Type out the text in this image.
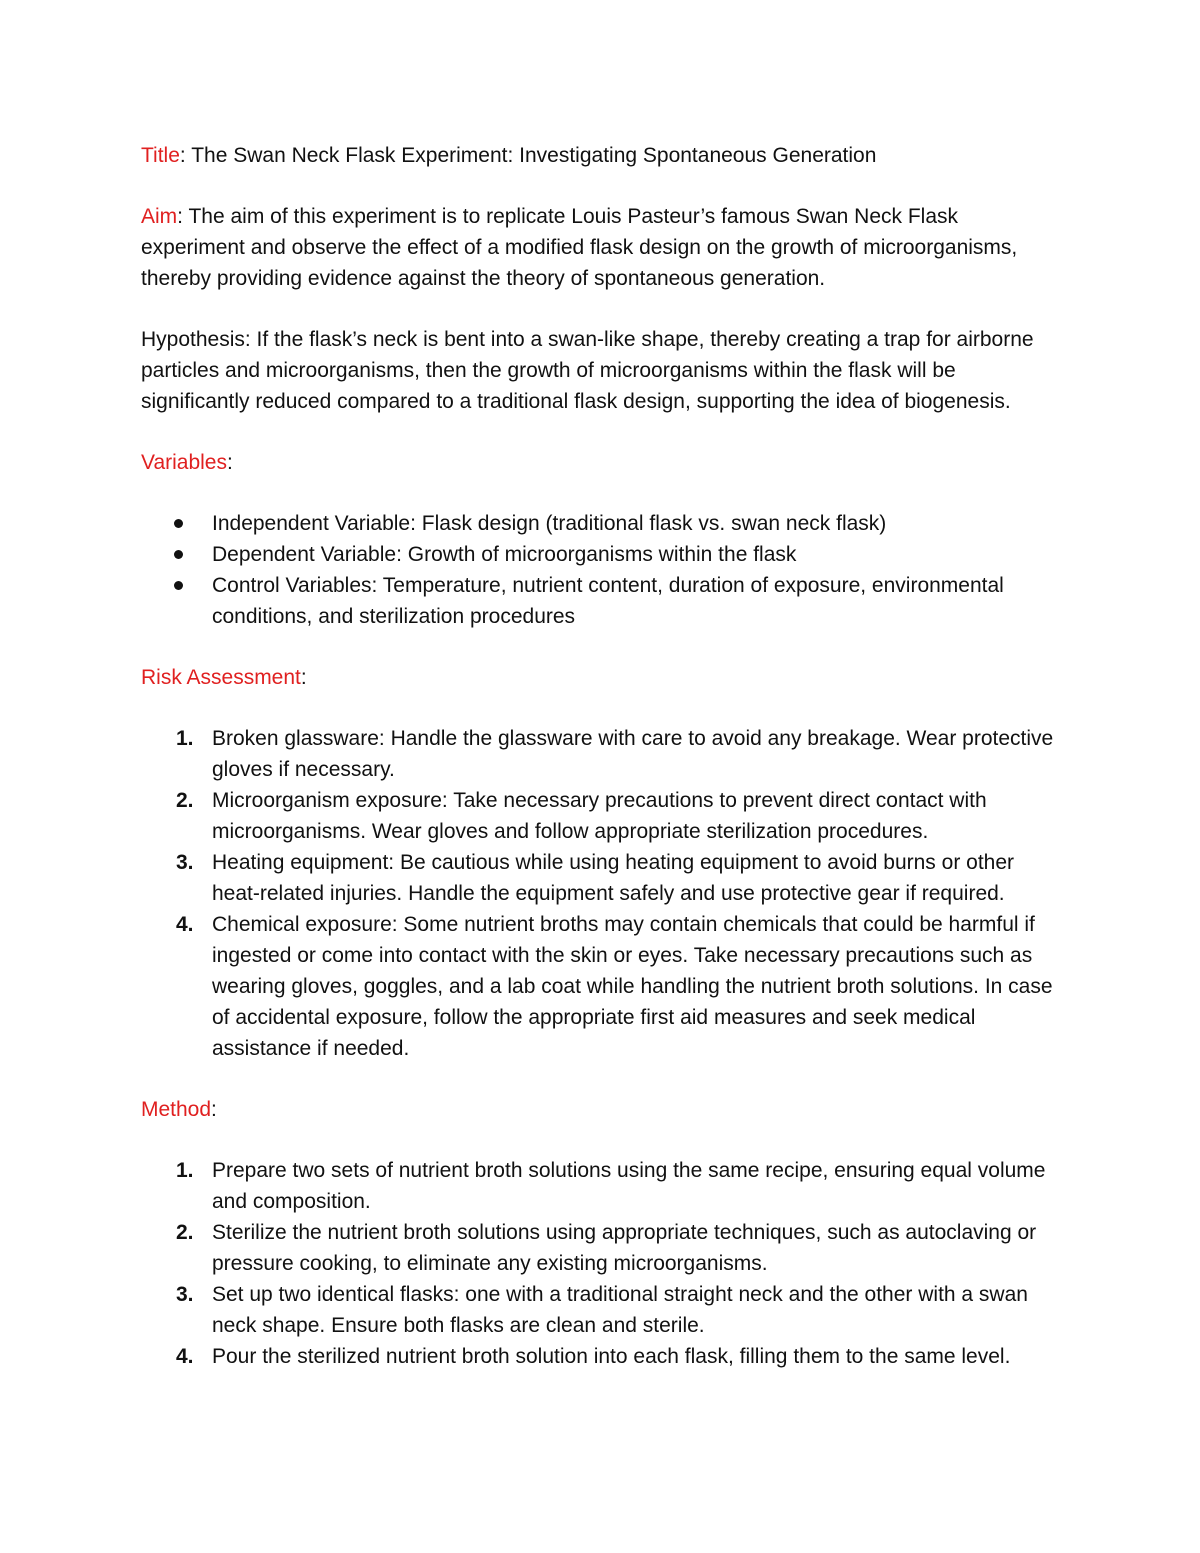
Title: The Swan Neck Flask Experiment: Investigating Spontaneous Generation

Aim: The aim of this experiment is to replicate Louis Pasteur’s famous Swan Neck Flask experiment and observe the effect of a modified flask design on the growth of microorganisms, thereby providing evidence against the theory of spontaneous generation.

Hypothesis: If the flask’s neck is bent into a swan-like shape, thereby creating a trap for airborne particles and microorganisms, then the growth of microorganisms within the flask will be significantly reduced compared to a traditional flask design, supporting the idea of biogenesis.

Variables:

Independent Variable: Flask design (traditional flask vs. swan neck flask)
Dependent Variable: Growth of microorganisms within the flask
Control Variables: Temperature, nutrient content, duration of exposure, environmental conditions, and sterilization procedures

Risk Assessment:

1. Broken glassware: Handle the glassware with care to avoid any breakage. Wear protective gloves if necessary.
2. Microorganism exposure: Take necessary precautions to prevent direct contact with microorganisms. Wear gloves and follow appropriate sterilization procedures.
3. Heating equipment: Be cautious while using heating equipment to avoid burns or other heat-related injuries. Handle the equipment safely and use protective gear if required.
4. Chemical exposure: Some nutrient broths may contain chemicals that could be harmful if ingested or come into contact with the skin or eyes. Take necessary precautions such as wearing gloves, goggles, and a lab coat while handling the nutrient broth solutions. In case of accidental exposure, follow the appropriate first aid measures and seek medical assistance if needed.

Method:

1. Prepare two sets of nutrient broth solutions using the same recipe, ensuring equal volume and composition.
2. Sterilize the nutrient broth solutions using appropriate techniques, such as autoclaving or pressure cooking, to eliminate any existing microorganisms.
3. Set up two identical flasks: one with a traditional straight neck and the other with a swan neck shape. Ensure both flasks are clean and sterile.
4. Pour the sterilized nutrient broth solution into each flask, filling them to the same level.
